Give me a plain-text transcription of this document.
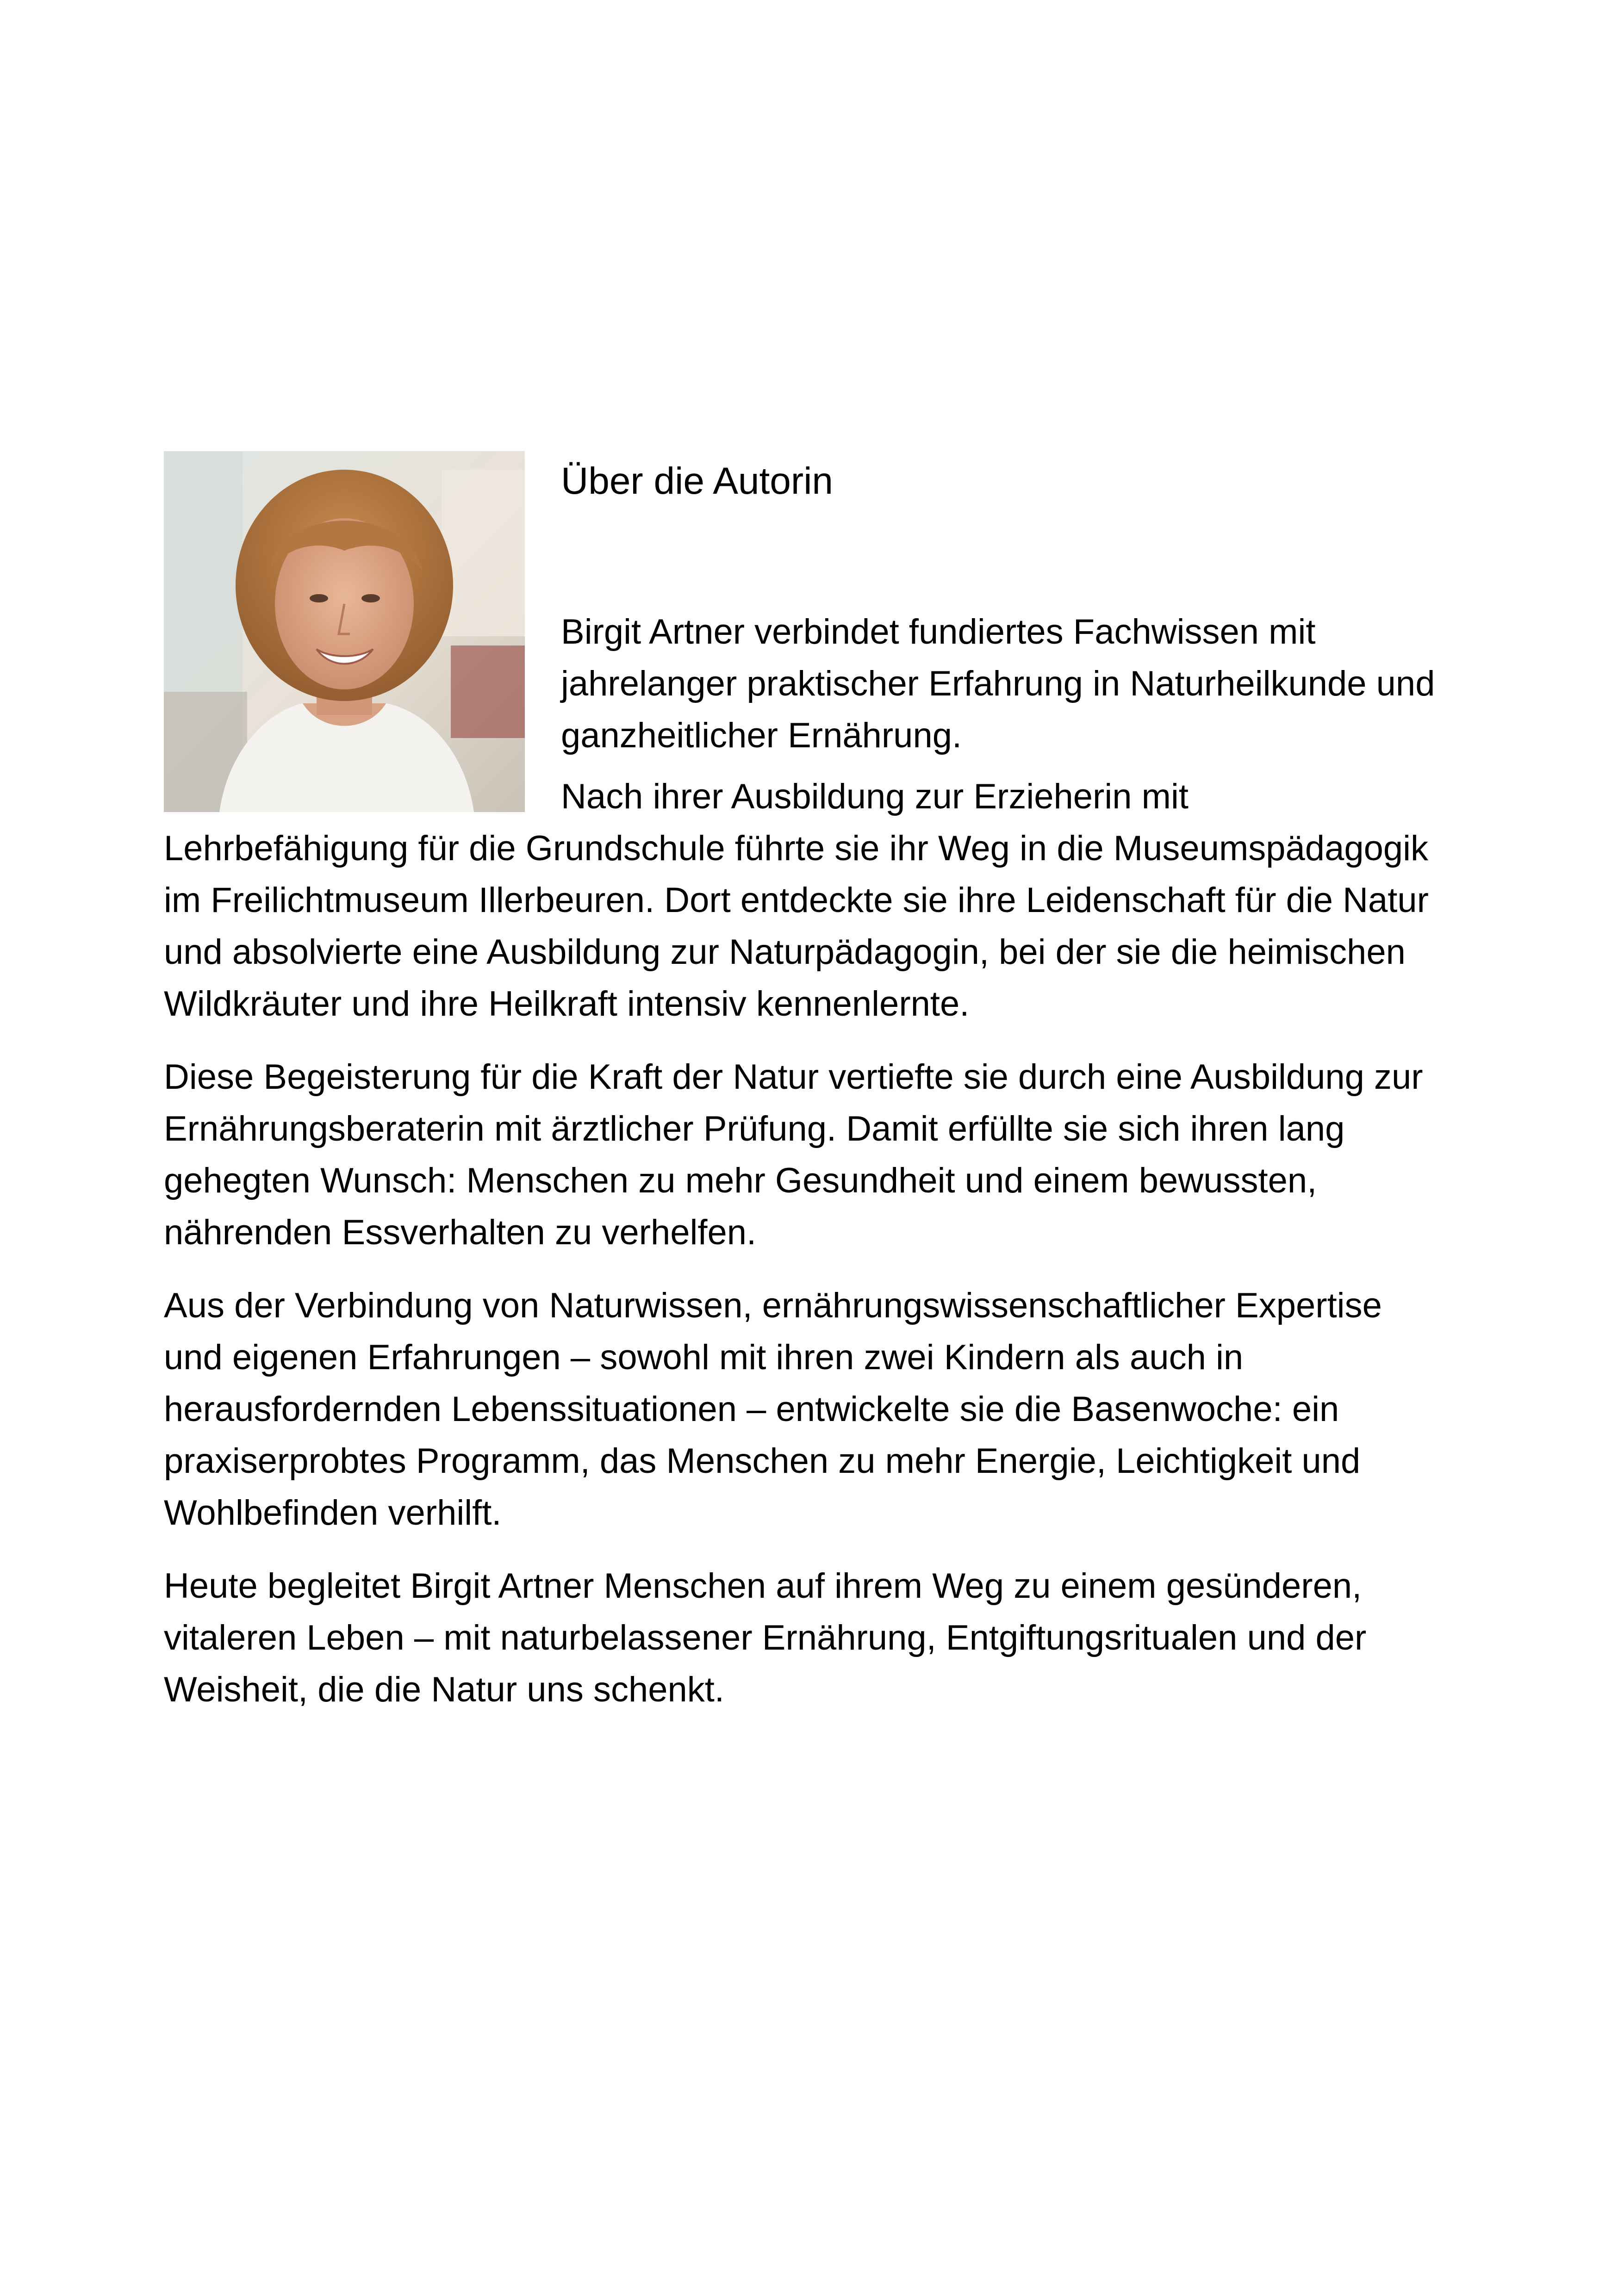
Über die Autorin

Birgit Artner verbindet fundiertes Fachwissen mit jahrelanger praktischer Erfahrung in Naturheilkunde und ganzheitlicher Ernährung.

Nach ihrer Ausbildung zur Erzieherin mit Lehrbefähigung für die Grundschule führte sie ihr Weg in die Museumspädagogik im Freilichtmuseum Illerbeuren. Dort entdeckte sie ihre Leidenschaft für die Natur und absolvierte eine Ausbildung zur Naturpädagogin, bei der sie die heimischen Wildkräuter und ihre Heilkraft intensiv kennenlernte.

Diese Begeisterung für die Kraft der Natur vertiefte sie durch eine Ausbildung zur Ernährungsberaterin mit ärztlicher Prüfung. Damit erfüllte sie sich ihren lang gehegten Wunsch: Menschen zu mehr Gesundheit und einem bewussten, nährenden Essverhalten zu verhelfen.

Aus der Verbindung von Naturwissen, ernährungswissenschaftlicher Expertise und eigenen Erfahrungen – sowohl mit ihren zwei Kindern als auch in herausfordernden Lebenssituationen – entwickelte sie die Basenwoche: ein praxiserprobtes Programm, das Menschen zu mehr Energie, Leichtigkeit und Wohlbefinden verhilft.

Heute begleitet Birgit Artner Menschen auf ihrem Weg zu einem gesünderen, vitaleren Leben – mit naturbelassener Ernährung, Entgiftungsritualen und der Weisheit, die die Natur uns schenkt.
